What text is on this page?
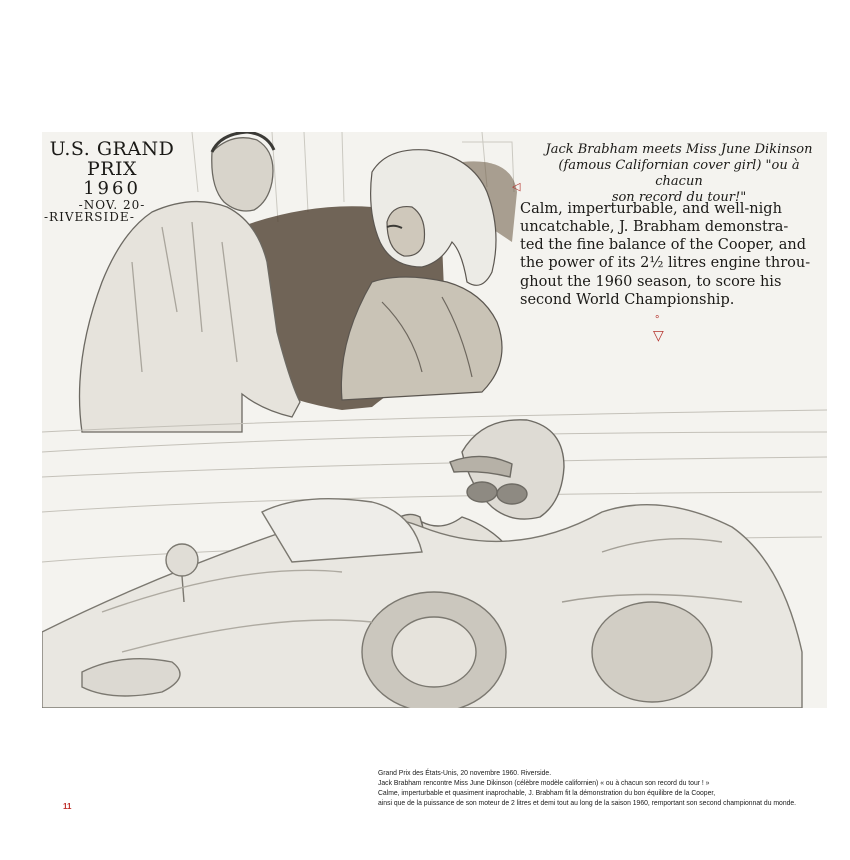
U.S. GRAND PRIX
1960
-NOV. 20-
-RIVERSIDE-
Jack Brabham meets Miss June Dikinson
(famous Californian cover girl) "ou à chacun
son record du tour!"
Calm, imperturbable, and well-nigh
uncatchable, J. Brabham demonstra-
ted the fine balance of the Cooper, and
the power of its 2½ litres engine throu-
ghout the 1960 season, to score his
second World Championship.
◁
°
▽
Grand Prix des États-Unis, 20 novembre 1960. Riverside.
Jack Brabham rencontre Miss June Dikinson (célèbre modèle californien) « ou à chacun son record du tour ! »
Calme, imperturbable et quasiment inaprochable, J. Brabham fit la démonstration du bon équilibre de la Cooper,
ainsi que de la puissance de son moteur de 2 litres et demi tout au long de la saison 1960, remportant son second championnat du monde.
11
